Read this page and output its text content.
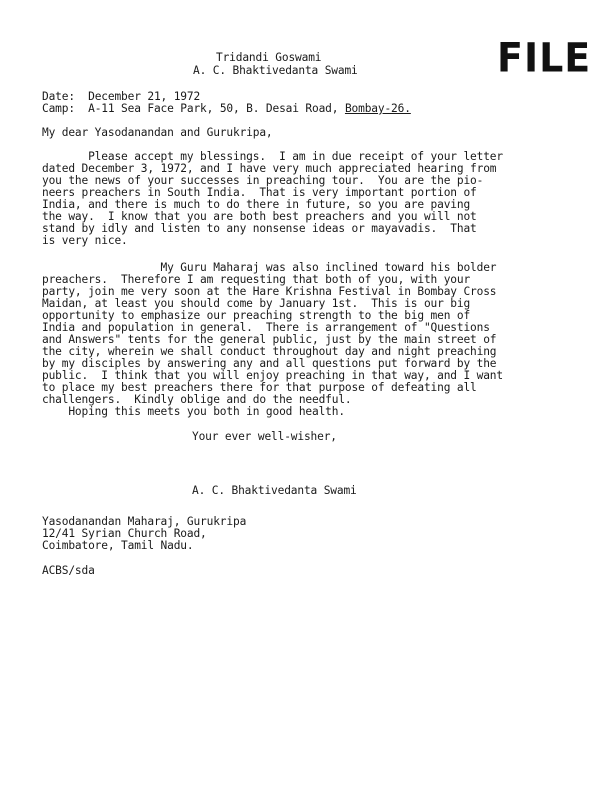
FILE
Tridandi Goswami
A. C. Bhaktivedanta Swami
Date: December 21, 1972
Camp: A-11 Sea Face Park, 50, B. Desai Road, Bombay-26.
My dear Yasodanandan and Gurukripa,
Please accept my blessings.  I am in due receipt of your letter
dated December 3, 1972, and I have very much appreciated hearing from
you the news of your successes in preaching tour.  You are the pio-
neers preachers in South India.  That is very important portion of
India, and there is much to do there in future, so you are paving
the way.  I know that you are both best preachers and you will not
stand by idly and listen to any nonsense ideas or mayavadis.  That
is very nice.
My Guru Maharaj was also inclined toward his bolder
preachers.  Therefore I am requesting that both of you, with your
party, join me very soon at the Hare Krishna Festival in Bombay Cross
Maidan, at least you should come by January 1st.  This is our big
opportunity to emphasize our preaching strength to the big men of
India and population in general.  There is arrangement of "Questions
and Answers" tents for the general public, just by the main street of
the city, wherein we shall conduct throughout day and night preaching
by my disciples by answering any and all questions put forward by the
public.  I think that you will enjoy preaching in that way, and I want
to place my best preachers there for that purpose of defeating all
challengers.  Kindly oblige and do the needful.
Hoping this meets you both in good health.
Your ever well-wisher,
A. C. Bhaktivedanta Swami
Yasodanandan Maharaj, Gurukripa
12/41 Syrian Church Road,
Coimbatore, Tamil Nadu.
ACBS/sda
